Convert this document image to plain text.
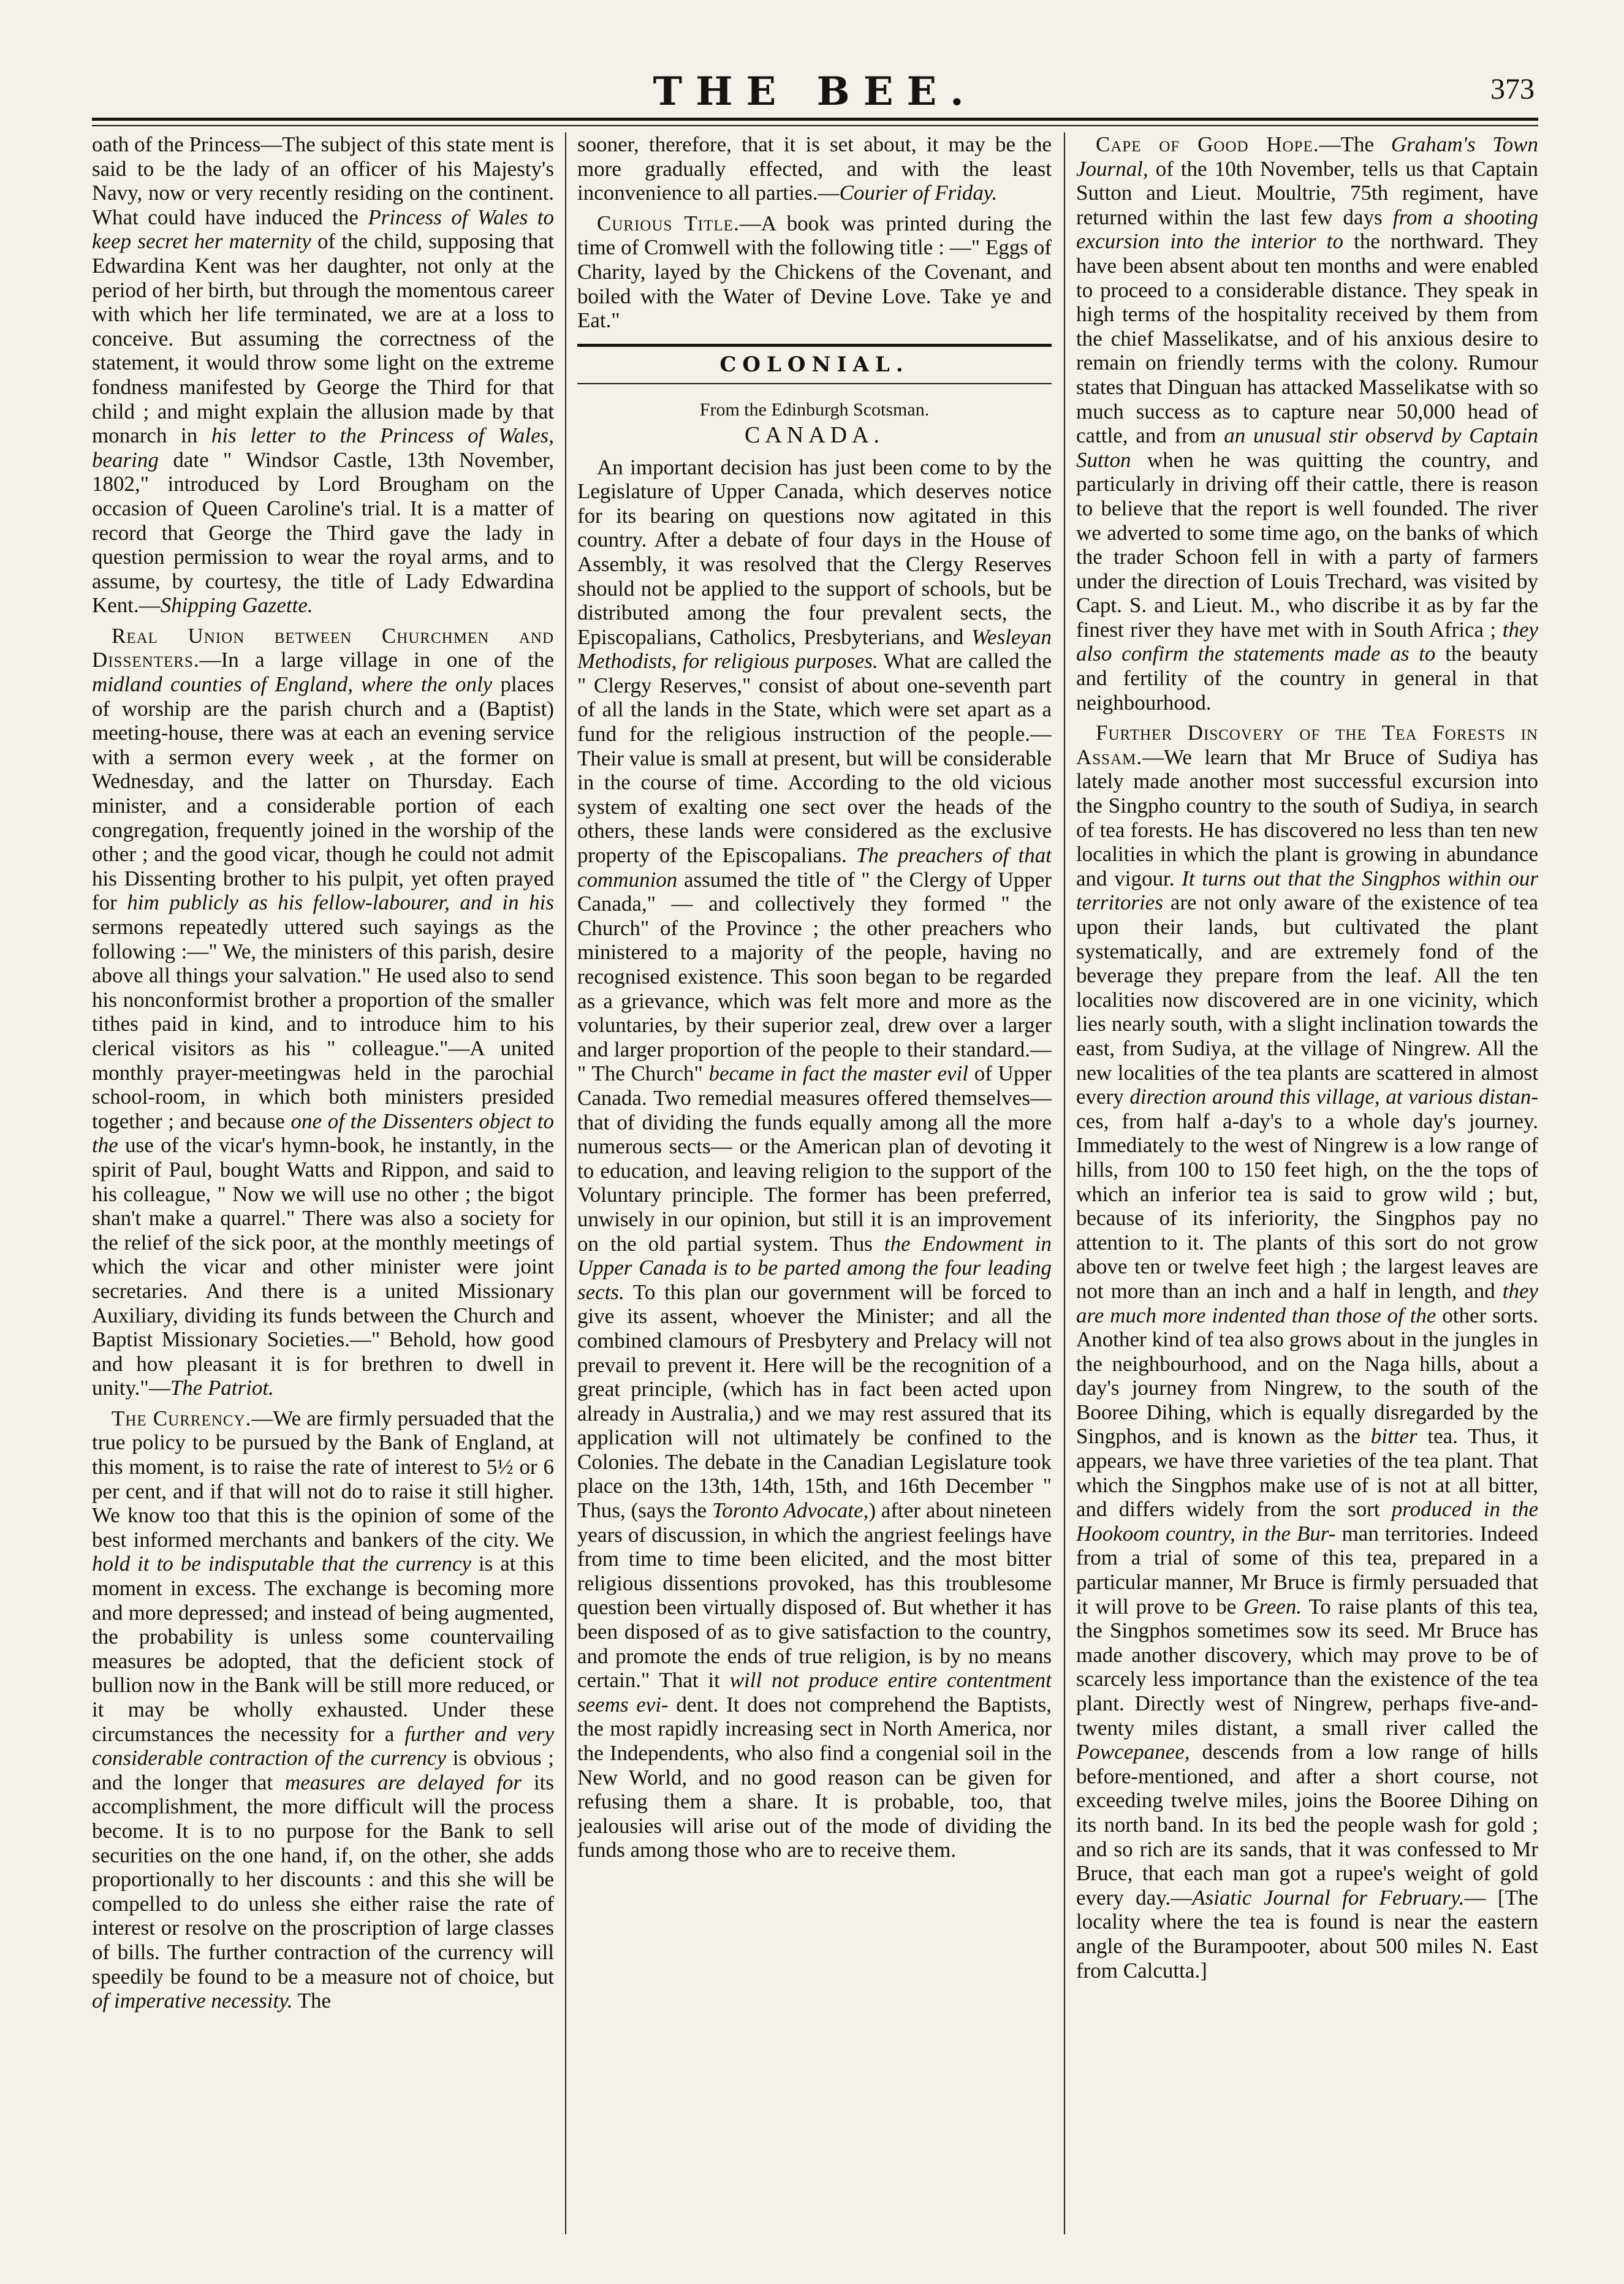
THE BEE.	373

oath of the Princess—The subject of this state ment is said to be the lady of an officer of his Majesty's Navy, now or very recently residing on the continent. What could have induced the Princess of Wales to keep secret her maternity of the child, supposing that Edwardina Kent was her daughter, not only at the period of her birth, but through the momentous career with which her life terminated, we are at a loss to conceive. But assuming the correctness of the statement, it would throw some light on the extreme fondness manifested by George the Third for that child ; and might explain the allusion made by that monarch in his letter to the Princess of Wales, bearing date " Windsor Castle, 13th November, 1802," introduced by Lord Brougham on the occasion of Queen Caroline's trial. It is a matter of record that George the Third gave the lady in question permission to wear the royal arms, and to assume, by courtesy, the title of Lady Edwardina Kent.—Shipping Gazette.

Real Union between Churchmen and Dissenters.—In a large village in one of the midland counties of England, where the only places of worship are the parish church and a (Baptist) meeting-house, there was at each an evening service with a sermon every week , at the former on Wednesday, and the latter on Thursday. Each minister, and a considerable portion of each congregation, frequently joined in the worship of the other ; and the good vicar, though he could not admit his Dissenting brother to his pulpit, yet often prayed for him publicly as his fellow-labourer, and in his sermons repeatedly uttered such sayings as the following :—" We, the ministers of this parish, desire above all things your salvation." He used also to send his nonconformist brother a proportion of the smaller tithes paid in kind, and to introduce him to his clerical visitors as his " colleague."—A united monthly prayer-meetingwas held in the parochial school-room, in which both ministers presided together ; and because one of the Dissenters object to the use of the vicar's hymn-book, he instantly, in the spirit of Paul, bought Watts and Rippon, and said to his colleague, " Now we will use no other ; the bigot shan't make a quarrel." There was also a society for the relief of the sick poor, at the monthly meetings of which the vicar and other minister were joint secretaries. And there is a united Missionary Auxiliary, dividing its funds between the Church and Baptist Missionary Societies.—" Behold, how good and how pleasant it is for brethren to dwell in unity."—The Patriot.

The Currency.—We are firmly persuaded that the true policy to be pursued by the Bank of England, at this moment, is to raise the rate of interest to 5½ or 6 per cent, and if that will not do to raise it still higher. We know too that this is the opinion of some of the best informed merchants and bankers of the city. We hold it to be indisputable that the currency is at this moment in excess. The exchange is becoming more and more depressed; and instead of being augmented, the probability is unless some countervailing measures be adopted, that the deficient stock of bullion now in the Bank will be still more reduced, or it may be wholly exhausted. Under these circumstances the necessity for a further and very considerable contraction of the currency is obvious ; and the longer that measures are delayed for its accomplishment, the more difficult will the process become. It is to no purpose for the Bank to sell securities on the one hand, if, on the other, she adds proportionally to her discounts : and this she will be compelled to do unless she either raise the rate of interest or resolve on the proscription of large classes of bills. The further contraction of the currency will speedily be found to be a measure not of choice, but of imperative necessity. The

sooner, therefore, that it is set about, it may be the more gradually effected, and with the least inconvenience to all parties.—Courier of Friday.

Curious Title.—A book was printed during the time of Cromwell with the following title : —" Eggs of Charity, layed by the Chickens of the Covenant, and boiled with the Water of Devine Love. Take ye and Eat."

COLONIAL.
From the Edinburgh Scotsman.
CANADA.

An important decision has just been come to by the Legislature of Upper Canada, which deserves notice for its bearing on questions now agitated in this country. After a debate of four days in the House of Assembly, it was resolved that the Clergy Reserves should not be applied to the support of schools, but be distributed among the four prevalent sects, the Episcopalians, Catholics, Presbyterians, and Wesleyan Methodists, for religious purposes. What are called the " Clergy Reserves," consist of about one-seventh part of all the lands in the State, which were set apart as a fund for the religious instruction of the people.— Their value is small at present, but will be considerable in the course of time. According to the old vicious system of exalting one sect over the heads of the others, these lands were considered as the exclusive property of the Episcopalians. The preachers of that communion assumed the title of " the Clergy of Upper Canada," — and collectively they formed " the Church" of the Province ; the other preachers who ministered to a majority of the people, having no recognised existence. This soon began to be regarded as a grievance, which was felt more and more as the voluntaries, by their superior zeal, drew over a larger and larger proportion of the people to their standard.— " The Church" became in fact the master evil of Upper Canada. Two remedial measures offered themselves—that of dividing the funds equally among all the more numerous sects— or the American plan of devoting it to education, and leaving religion to the support of the Voluntary principle. The former has been preferred, unwisely in our opinion, but still it is an improvement on the old partial system. Thus the Endowment in Upper Canada is to be parted among the four leading sects. To this plan our government will be forced to give its assent, whoever the Minister; and all the combined clamours of Presbytery and Prelacy will not prevail to prevent it. Here will be the recognition of a great principle, (which has in fact been acted upon already in Australia,) and we may rest assured that its application will not ultimately be confined to the Colonies. The debate in the Canadian Legislature took place on the 13th, 14th, 15th, and 16th December " Thus, (says the Toronto Advocate,) after about nineteen years of discussion, in which the angriest feelings have from time to time been elicited, and the most bitter religious dissentions provoked, has this troublesome question been virtually disposed of. But whether it has been disposed of as to give satisfaction to the country, and promote the ends of true religion, is by no means certain." That it will not produce entire contentment seems evi- dent. It does not comprehend the Baptists, the most rapidly increasing sect in North America, nor the Independents, who also find a congenial soil in the New World, and no good reason can be given for refusing them a share. It is probable, too, that jealousies will arise out of the mode of dividing the funds among those who are to receive them.

Cape of Good Hope.—The Graham's Town Journal, of the 10th November, tells us that Captain Sutton and Lieut. Moultrie, 75th regiment, have returned within the last few days from a shooting excursion into the interior to the northward. They have been absent about ten months and were enabled to proceed to a considerable distance. They speak in high terms of the hospitality received by them from the chief Masselikatse, and of his anxious desire to remain on friendly terms with the colony. Rumour states that Dinguan has attacked Masselikatse with so much success as to capture near 50,000 head of cattle, and from an unusual stir observd by Captain Sutton when he was quitting the country, and particularly in driving off their cattle, there is reason to believe that the report is well founded. The river we adverted to some time ago, on the banks of which the trader Schoon fell in with a party of farmers under the direction of Louis Trechard, was visited by Capt. S. and Lieut. M., who discribe it as by far the finest river they have met with in South Africa ; they also confirm the statements made as to the beauty and fertility of the country in general in that neighbourhood.

Further Discovery of the Tea Forests in Assam.—We learn that Mr Bruce of Sudiya has lately made another most successful excursion into the Singpho country to the south of Sudiya, in search of tea forests. He has discovered no less than ten new localities in which the plant is growing in abundance and vigour. It turns out that the Singphos within our territories are not only aware of the existence of tea upon their lands, but cultivated the plant systematically, and are extremely fond of the beverage they prepare from the leaf. All the ten localities now discovered are in one vicinity, which lies nearly south, with a slight inclination towards the east, from Sudiya, at the village of Ningrew. All the new localities of the tea plants are scattered in almost every direction around this village, at various distan- ces, from half a-day's to a whole day's journey. Immediately to the west of Ningrew is a low range of hills, from 100 to 150 feet high, on the the tops of which an inferior tea is said to grow wild ; but, because of its inferiority, the Singphos pay no attention to it. The plants of this sort do not grow above ten or twelve feet high ; the largest leaves are not more than an inch and a half in length, and they are much more indented than those of the other sorts. Another kind of tea also grows about in the jungles in the neighbourhood, and on the Naga hills, about a day's journey from Ningrew, to the south of the Booree Dihing, which is equally disregarded by the Singphos, and is known as the bitter tea. Thus, it appears, we have three varieties of the tea plant. That which the Singphos make use of is not at all bitter, and differs widely from the sort produced in the Hookoom country, in the Bur- man territories. Indeed from a trial of some of this tea, prepared in a particular manner, Mr Bruce is firmly persuaded that it will prove to be Green. To raise plants of this tea, the Singphos sometimes sow its seed. Mr Bruce has made another discovery, which may prove to be of scarcely less importance than the existence of the tea plant. Directly west of Ningrew, perhaps five-and-twenty miles distant, a small river called the Powcepanee, descends from a low range of hills before-mentioned, and after a short course, not exceeding twelve miles, joins the Booree Dihing on its north band. In its bed the people wash for gold ; and so rich are its sands, that it was confessed to Mr Bruce, that each man got a rupee's weight of gold every day.—Asiatic Journal for February.— [The locality where the tea is found is near the eastern angle of the Burampooter, about 500 miles N. East from Calcutta.]
